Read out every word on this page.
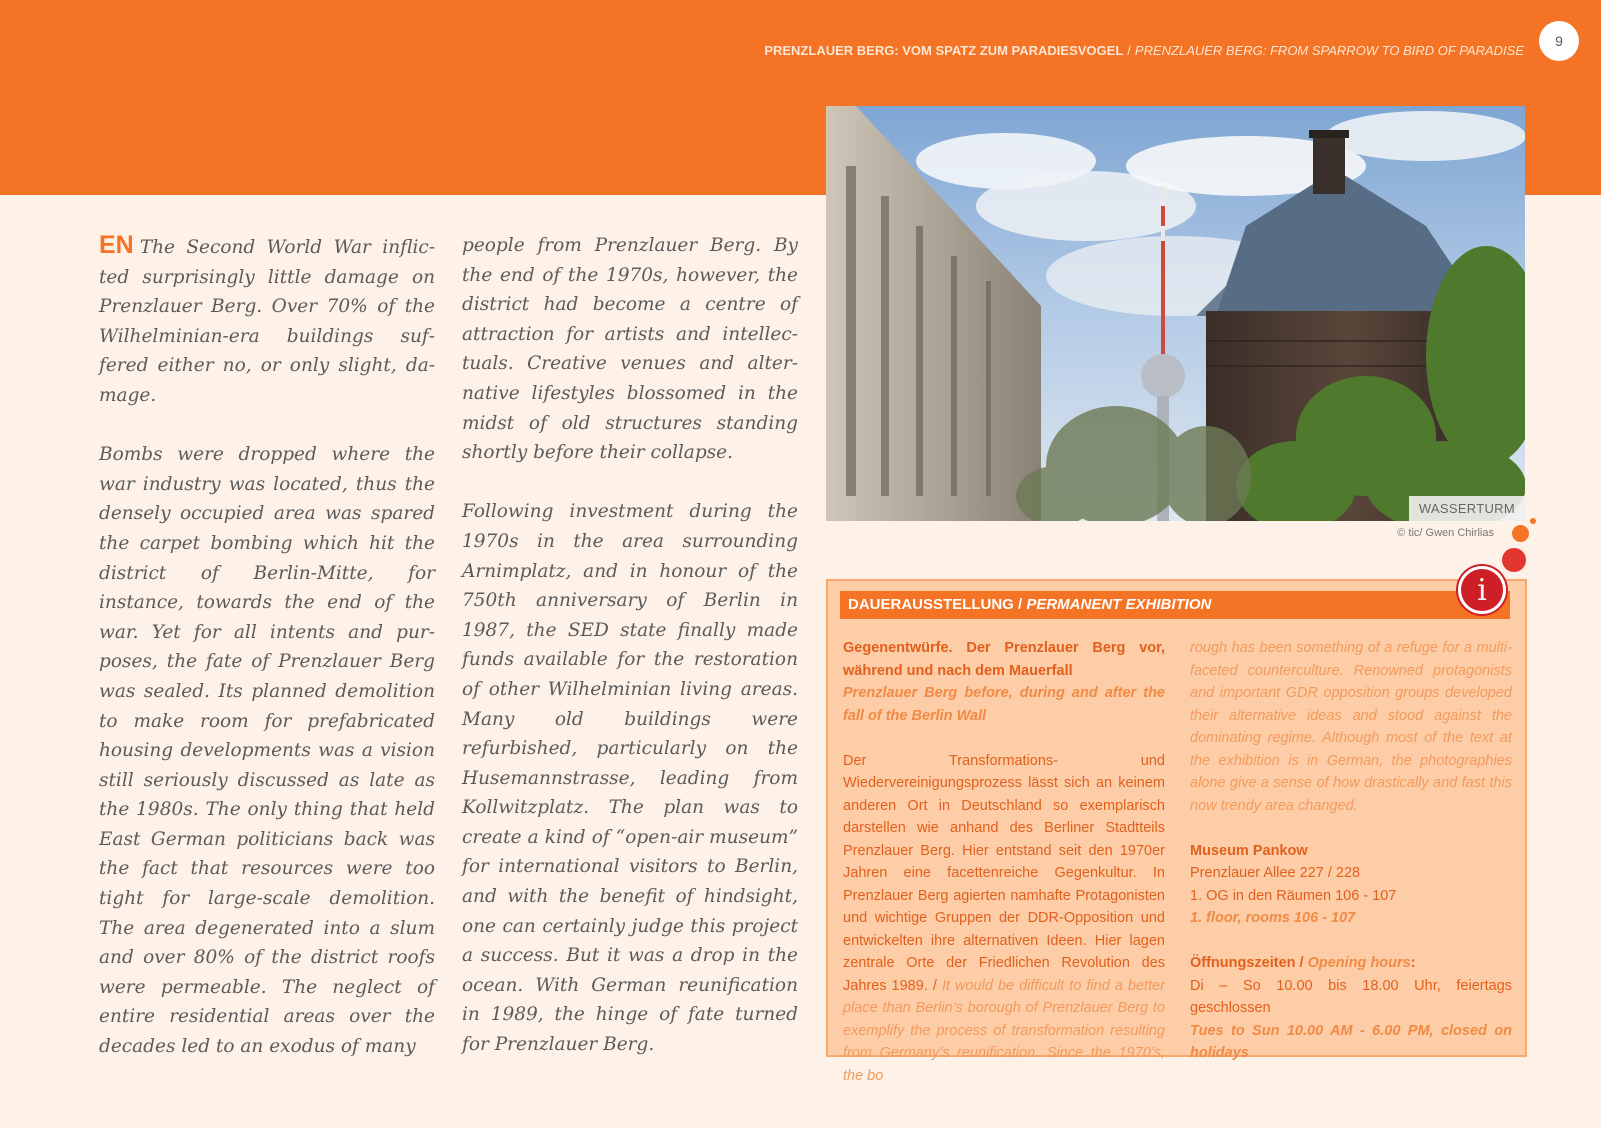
PRENZLAUER BERG: VOM SPATZ ZUM PARADIESVOGEL / PRENZLAUER BERG: FROM SPARROW TO BIRD OF PARADISE
9

EN The Second World War inflicted surprisingly little damage on Prenzlauer Berg. Over 70% of the Wilhelminian-era buildings suffered either no, or only slight, damage.

Bombs were dropped where the war industry was located, thus the densely occupied area was spared the carpet bombing which hit the district of Berlin-Mitte, for instance, towards the end of the war. Yet for all intents and purposes, the fate of Prenzlauer Berg was sealed. Its planned demolition to make room for prefabricated housing developments was a vision still seriously discussed as late as the 1980s. The only thing that held East German politicians back was the fact that resources were too tight for large-scale demolition. The area degenerated into a slum and over 80% of the district roofs were permeable. The neglect of entire residential areas over the decades led to an exodus of many

people from Prenzlauer Berg. By the end of the 1970s, however, the district had become a centre of attraction for artists and intellectuals. Creative venues and alternative lifestyles blossomed in the midst of old structures standing shortly before their collapse.

Following investment during the 1970s in the area surrounding Arnimplatz, and in honour of the 750th anniversary of Berlin in 1987, the SED state finally made funds available for the restoration of other Wilhelminian living areas. Many old buildings were refurbished, particularly on the Husemannstrasse, leading from Kollwitzplatz. The plan was to create a kind of “open-air museum” for international visitors to Berlin, and with the benefit of hindsight, one can certainly judge this project a success. But it was a drop in the ocean. With German reunification in 1989, the hinge of fate turned for Prenzlauer Berg.

WASSERTURM
© tic/ Gwen Chirlias
DAUERAUSSTELLUNG / PERMANENT EXHIBITION

Gegenentwürfe. Der Prenzlauer Berg vor, während und nach dem Mauerfall

Prenzlauer Berg before, during and after the fall of the Berlin Wall

Der Transformations- und Wiedervereinigungsprozess lässt sich an keinem anderen Ort in Deutschland so exemplarisch darstellen wie anhand des Berliner Stadtteils Prenzlauer Berg. Hier entstand seit den 1970er Jahren eine facettenreiche Gegenkultur. In Prenzlauer Berg agierten namhafte Protagonisten und wichtige Gruppen der DDR-Opposition und entwickelten ihre alternativen Ideen. Hier lagen zentrale Orte der Friedlichen Revolution des Jahres 1989. / It would be difficult to find a better place than Berlin’s borough of Prenzlauer Berg to exemplify the process of transformation resulting from Germany’s reunification. Since the 1970’s, the bo

rough has been something of a refuge for a multifaceted counterculture. Renowned protagonists and important GDR opposition groups developed their alternative ideas and stood against the dominating regime. Although most of the text at the exhibition is in German, the photographies alone give a sense of how drastically and fast this now trendy area changed.

Museum Pankow

Prenzlauer Allee 227 / 228

1. OG in den Räumen 106 - 107

1. floor, rooms 106 - 107

Öffnungszeiten / Opening hours:

Di – So 10.00 bis 18.00 Uhr, feiertags geschlossen

Tues to Sun 10.00 AM - 6.00 PM, closed on holidays

i
